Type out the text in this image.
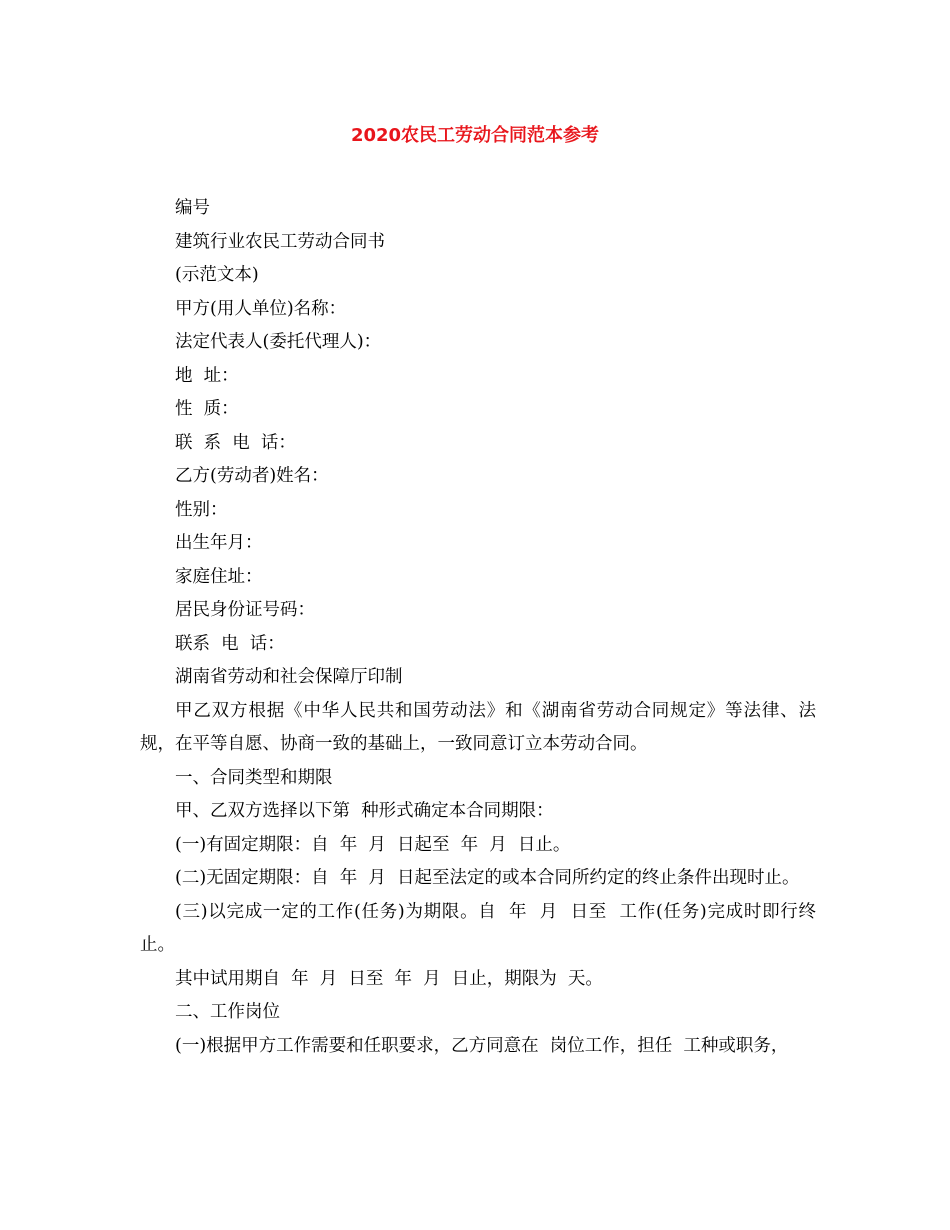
2020农民工劳动合同范本参考

编号

建筑行业农民工劳动合同书

(示范文本)

甲方(用人单位)名称：

法定代表人(委托代理人)：

地  址：

性  质：

联  系  电  话：

乙方(劳动者)姓名：

性别：

出生年月：

家庭住址：

居民身份证号码：

联系  电  话：

湖南省劳动和社会保障厅印制

甲乙双方根据《中华人民共和国劳动法》和《湖南省劳动合同规定》等法律、法规，在平等自愿、协商一致的基础上，一致同意订立本劳动合同。

一、合同类型和期限

甲、乙双方选择以下第  种形式确定本合同期限：

(一)有固定期限：自  年  月  日起至  年  月  日止。

(二)无固定期限：自  年  月  日起至法定的或本合同所约定的终止条件出现时止。

(三)以完成一定的工作(任务)为期限。自  年  月  日至  工作(任务)完成时即行终止。

其中试用期自  年  月  日至  年  月  日止，期限为  天。

二、工作岗位

(一)根据甲方工作需要和任职要求，乙方同意在  岗位工作，担任  工种或职务，
